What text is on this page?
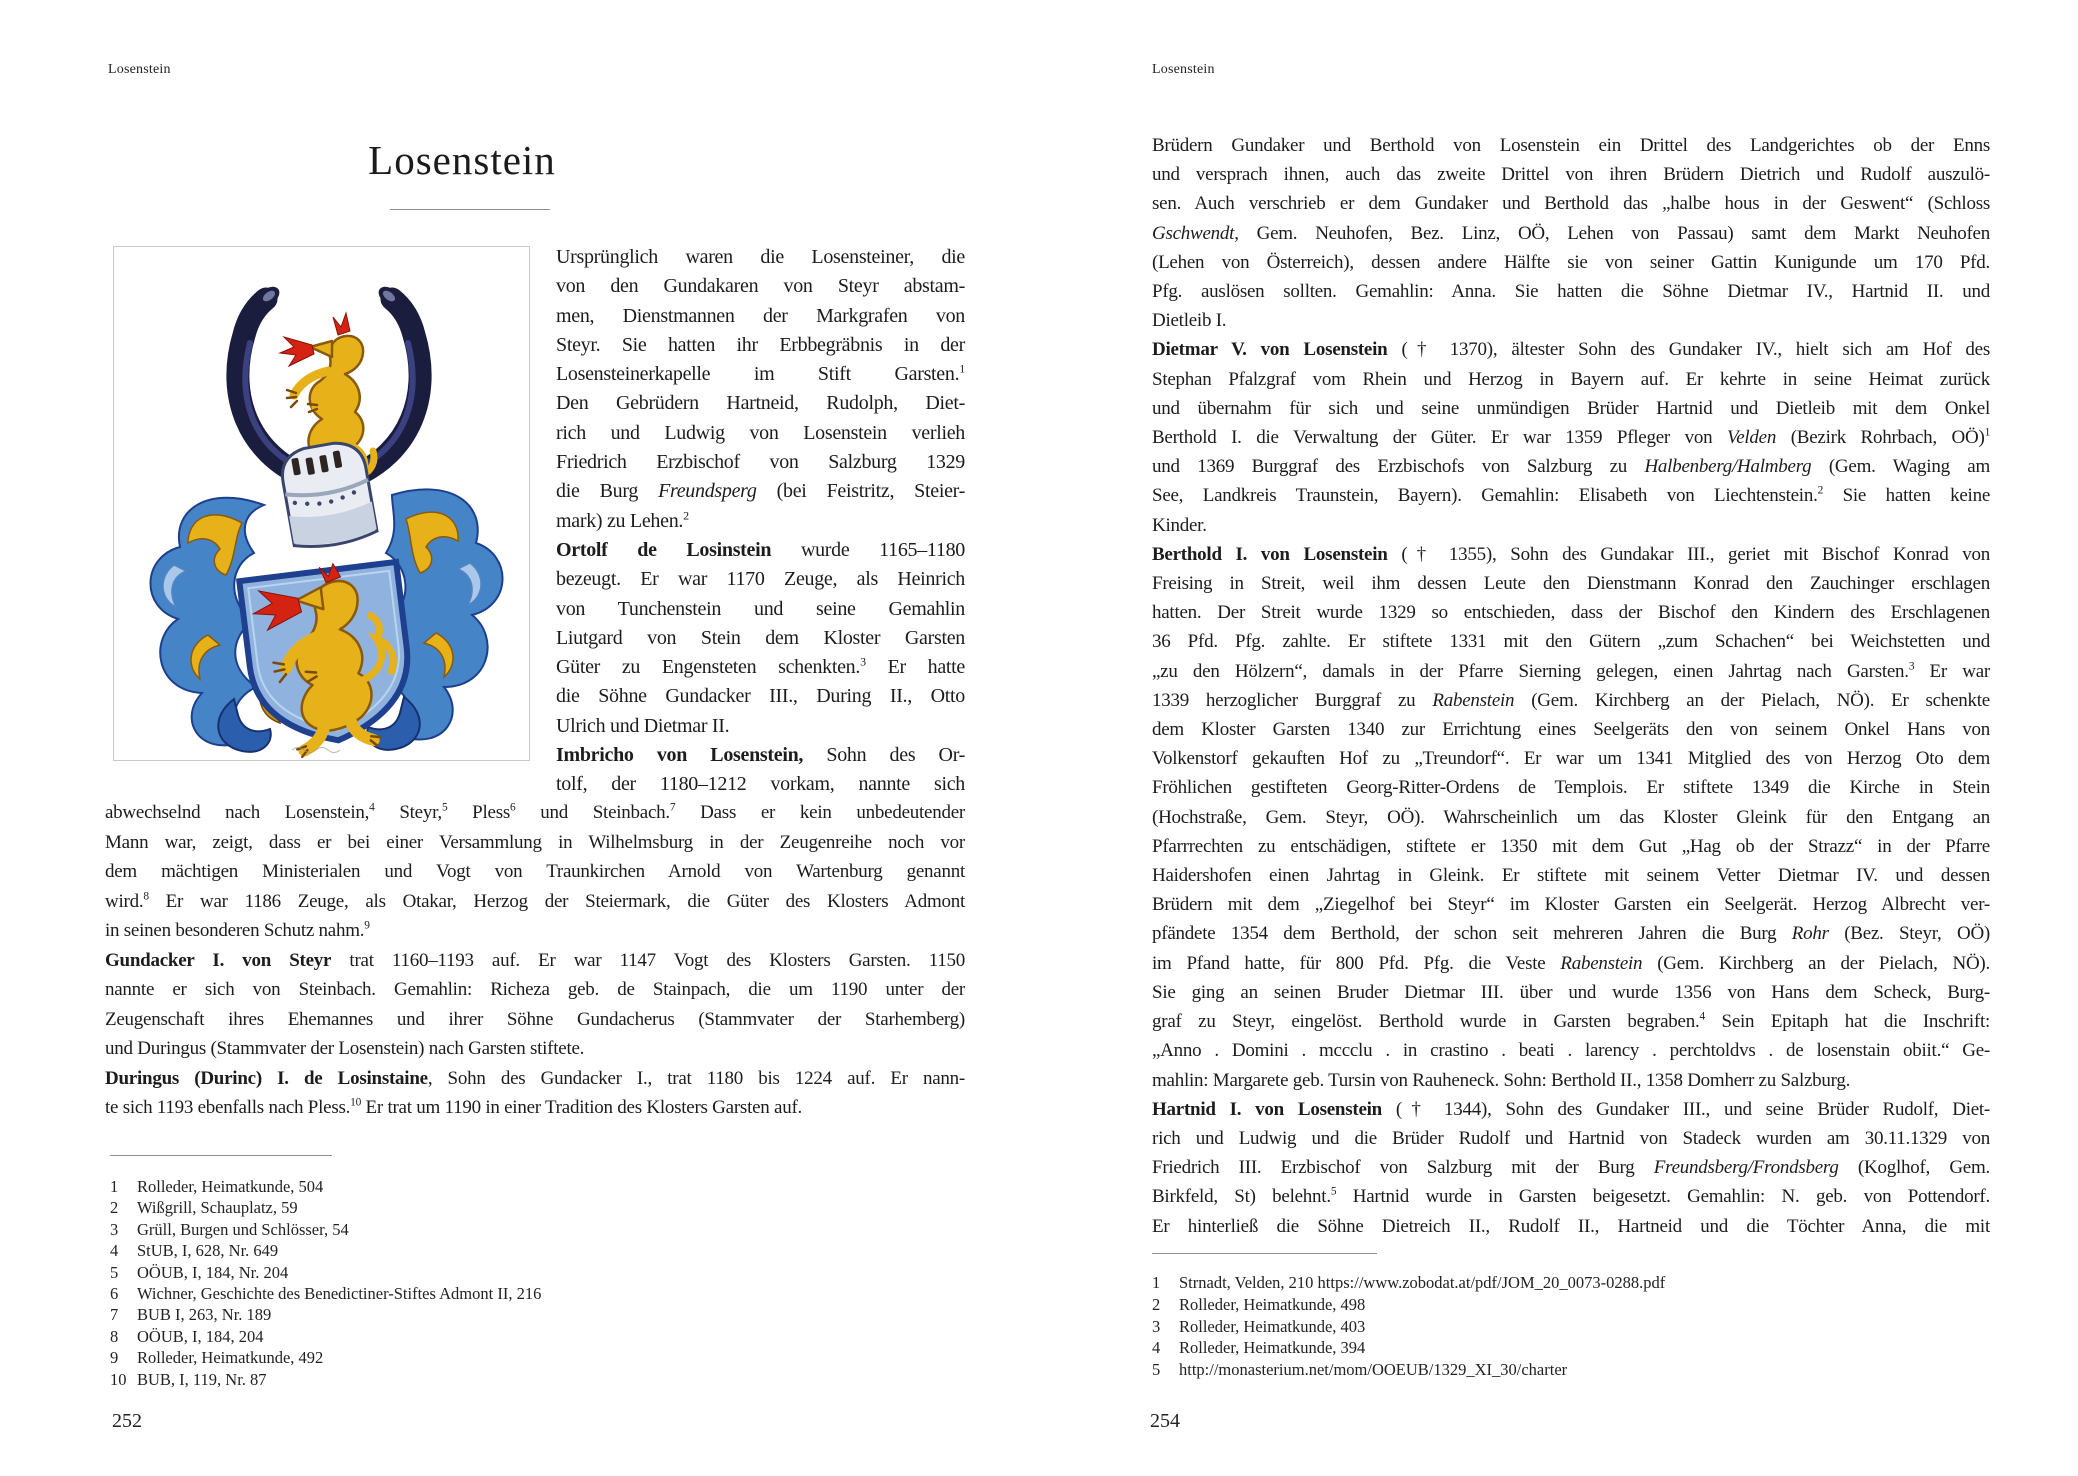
Losenstein
Losenstein
Ursprünglich waren die Losensteiner, die
von den Gundakaren von Steyr abstam-
men, Dienstmannen der Markgrafen von
Steyr. Sie hatten ihr Erbbegräbnis in der
Losensteinerkapelle im Stift Garsten.$^1$
Den Gebrüdern Hartneid, Rudolph, Diet-
rich und Ludwig von Losenstein verlieh
Friedrich Erzbischof von Salzburg 1329
die Burg Freundsperg (bei Feistritz, Steier-
mark) zu Lehen.$^2$
Ortolf de Losinstein wurde 1165–1180
bezeugt. Er war 1170 Zeuge, als Heinrich
von Tunchenstein und seine Gemahlin
Liutgard von Stein dem Kloster Garsten
Güter zu Engensteten schenkten.$^3$ Er hatte
die Söhne Gundacker III., During II., Otto
Ulrich und Dietmar II.
Imbricho von Losenstein, Sohn des Or-
tolf, der 1180–1212 vorkam, nannte sich
abwechselnd nach Losenstein,$^4$ Steyr,$^5$ Pless$^6$ und Steinbach.$^7$ Dass er kein unbedeutender
Mann war, zeigt, dass er bei einer Versammlung in Wilhelmsburg in der Zeugenreihe noch vor
dem mächtigen Ministerialen und Vogt von Traunkirchen Arnold von Wartenburg genannt
wird.$^8$ Er war 1186 Zeuge, als Otakar, Herzog der Steiermark, die Güter des Klosters Admont
in seinen besonderen Schutz nahm.$^9$
Gundacker I. von Steyr trat 1160–1193 auf. Er war 1147 Vogt des Klosters Garsten. 1150
nannte er sich von Steinbach. Gemahlin: Richeza geb. de Stainpach, die um 1190 unter der
Zeugenschaft ihres Ehemannes und ihrer Söhne Gundacherus (Stammvater der Starhemberg)
und Duringus (Stammvater der Losenstein) nach Garsten stiftete.
Duringus (Durinc) I. de Losinstaine, Sohn des Gundacker I., trat 1180 bis 1224 auf. Er nann-
te sich 1193 ebenfalls nach Pless.$^{10}$ Er trat um 1190 in einer Tradition des Klosters Garsten auf.
1	Rolleder, Heimatkunde, 504
2	Wißgrill, Schauplatz, 59
3	Grüll, Burgen und Schlösser, 54
4	StUB, I, 628, Nr. 649
5	OÖUB, I, 184, Nr. 204
6	Wichner, Geschichte des Benedictiner-Stiftes Admont II, 216
7	BUB I, 263, Nr. 189
8	OÖUB, I, 184, 204
9	Rolleder, Heimatkunde, 492
10 BUB, I, 119, Nr. 87
252
Losenstein
Brüdern Gundaker und Berthold von Losenstein ein Drittel des Landgerichtes ob der Enns
und versprach ihnen, auch das zweite Drittel von ihren Brüdern Dietrich und Rudolf auszulö-
sen. Auch verschrieb er dem Gundaker und Berthold das „halbe hous in der Geswent“ (Schloss
Gschwendt, Gem. Neuhofen, Bez. Linz, OÖ, Lehen von Passau) samt dem Markt Neuhofen
(Lehen von Österreich), dessen andere Hälfte sie von seiner Gattin Kunigunde um 170 Pfd.
Pfg. auslösen sollten. Gemahlin: Anna. Sie hatten die Söhne Dietmar IV., Hartnid II. und
Dietleib I.
Dietmar V. von Losenstein († 1370), ältester Sohn des Gundaker IV., hielt sich am Hof des
Stephan Pfalzgraf vom Rhein und Herzog in Bayern auf. Er kehrte in seine Heimat zurück
und übernahm für sich und seine unmündigen Brüder Hartnid und Dietleib mit dem Onkel
Berthold I. die Verwaltung der Güter. Er war 1359 Pfleger von Velden (Bezirk Rohrbach, OÖ)$^1$
und 1369 Burggraf des Erzbischofs von Salzburg zu Halbenberg/Halmberg (Gem. Waging am
See, Landkreis Traunstein, Bayern). Gemahlin: Elisabeth von Liechtenstein.$^2$ Sie hatten keine
Kinder.
Berthold I. von Losenstein († 1355), Sohn des Gundakar III., geriet mit Bischof Konrad von
Freising in Streit, weil ihm dessen Leute den Dienstmann Konrad den Zauchinger erschlagen
hatten. Der Streit wurde 1329 so entschieden, dass der Bischof den Kindern des Erschlagenen
36 Pfd. Pfg. zahlte. Er stiftete 1331 mit den Gütern „zum Schachen“ bei Weichstetten und
„zu den Hölzern“, damals in der Pfarre Sierning gelegen, einen Jahrtag nach Garsten.$^3$ Er war
1339 herzoglicher Burggraf zu Rabenstein (Gem. Kirchberg an der Pielach, NÖ). Er schenkte
dem Kloster Garsten 1340 zur Errichtung eines Seelgeräts den von seinem Onkel Hans von
Volkenstorf gekauften Hof zu „Treundorf“. Er war um 1341 Mitglied des von Herzog Oto dem
Fröhlichen gestifteten Georg-Ritter-Ordens de Templois. Er stiftete 1349 die Kirche in Stein
(Hochstraße, Gem. Steyr, OÖ). Wahrscheinlich um das Kloster Gleink für den Entgang an
Pfarrrechten zu entschädigen, stiftete er 1350 mit dem Gut „Hag ob der Strazz“ in der Pfarre
Haidershofen einen Jahrtag in Gleink. Er stiftete mit seinem Vetter Dietmar IV. und dessen
Brüdern mit dem „Ziegelhof bei Steyr“ im Kloster Garsten ein Seelgerät. Herzog Albrecht ver-
pfändete 1354 dem Berthold, der schon seit mehreren Jahren die Burg Rohr (Bez. Steyr, OÖ)
im Pfand hatte, für 800 Pfd. Pfg. die Veste Rabenstein (Gem. Kirchberg an der Pielach, NÖ).
Sie ging an seinen Bruder Dietmar III. über und wurde 1356 von Hans dem Scheck, Burg-
graf zu Steyr, eingelöst. Berthold wurde in Garsten begraben.$^4$ Sein Epitaph hat die Inschrift:
„Anno . Domini . mccclu . in crastino . beati . larency . perchtoldvs . de losenstain obiit.“ Ge-
mahlin: Margarete geb. Tursin von Rauheneck. Sohn: Berthold II., 1358 Domherr zu Salzburg.
Hartnid I. von Losenstein († 1344), Sohn des Gundaker III., und seine Brüder Rudolf, Diet-
rich und Ludwig und die Brüder Rudolf und Hartnid von Stadeck wurden am 30.11.1329 von
Friedrich III. Erzbischof von Salzburg mit der Burg Freundsberg/Frondsberg (Koglhof, Gem.
Birkfeld, St) belehnt.$^5$ Hartnid wurde in Garsten beigesetzt. Gemahlin: N. geb. von Pottendorf.
Er hinterließ die Söhne Dietreich II., Rudolf II., Hartneid und die Töchter Anna, die mit
1	Strnadt, Velden, 210 https://www.zobodat.at/pdf/JOM_20_0073-0288.pdf
2	Rolleder, Heimatkunde, 498
3	Rolleder, Heimatkunde, 403
4	Rolleder, Heimatkunde, 394
5	http://monasterium.net/mom/OOEUB/1329_XI_30/charter
254
